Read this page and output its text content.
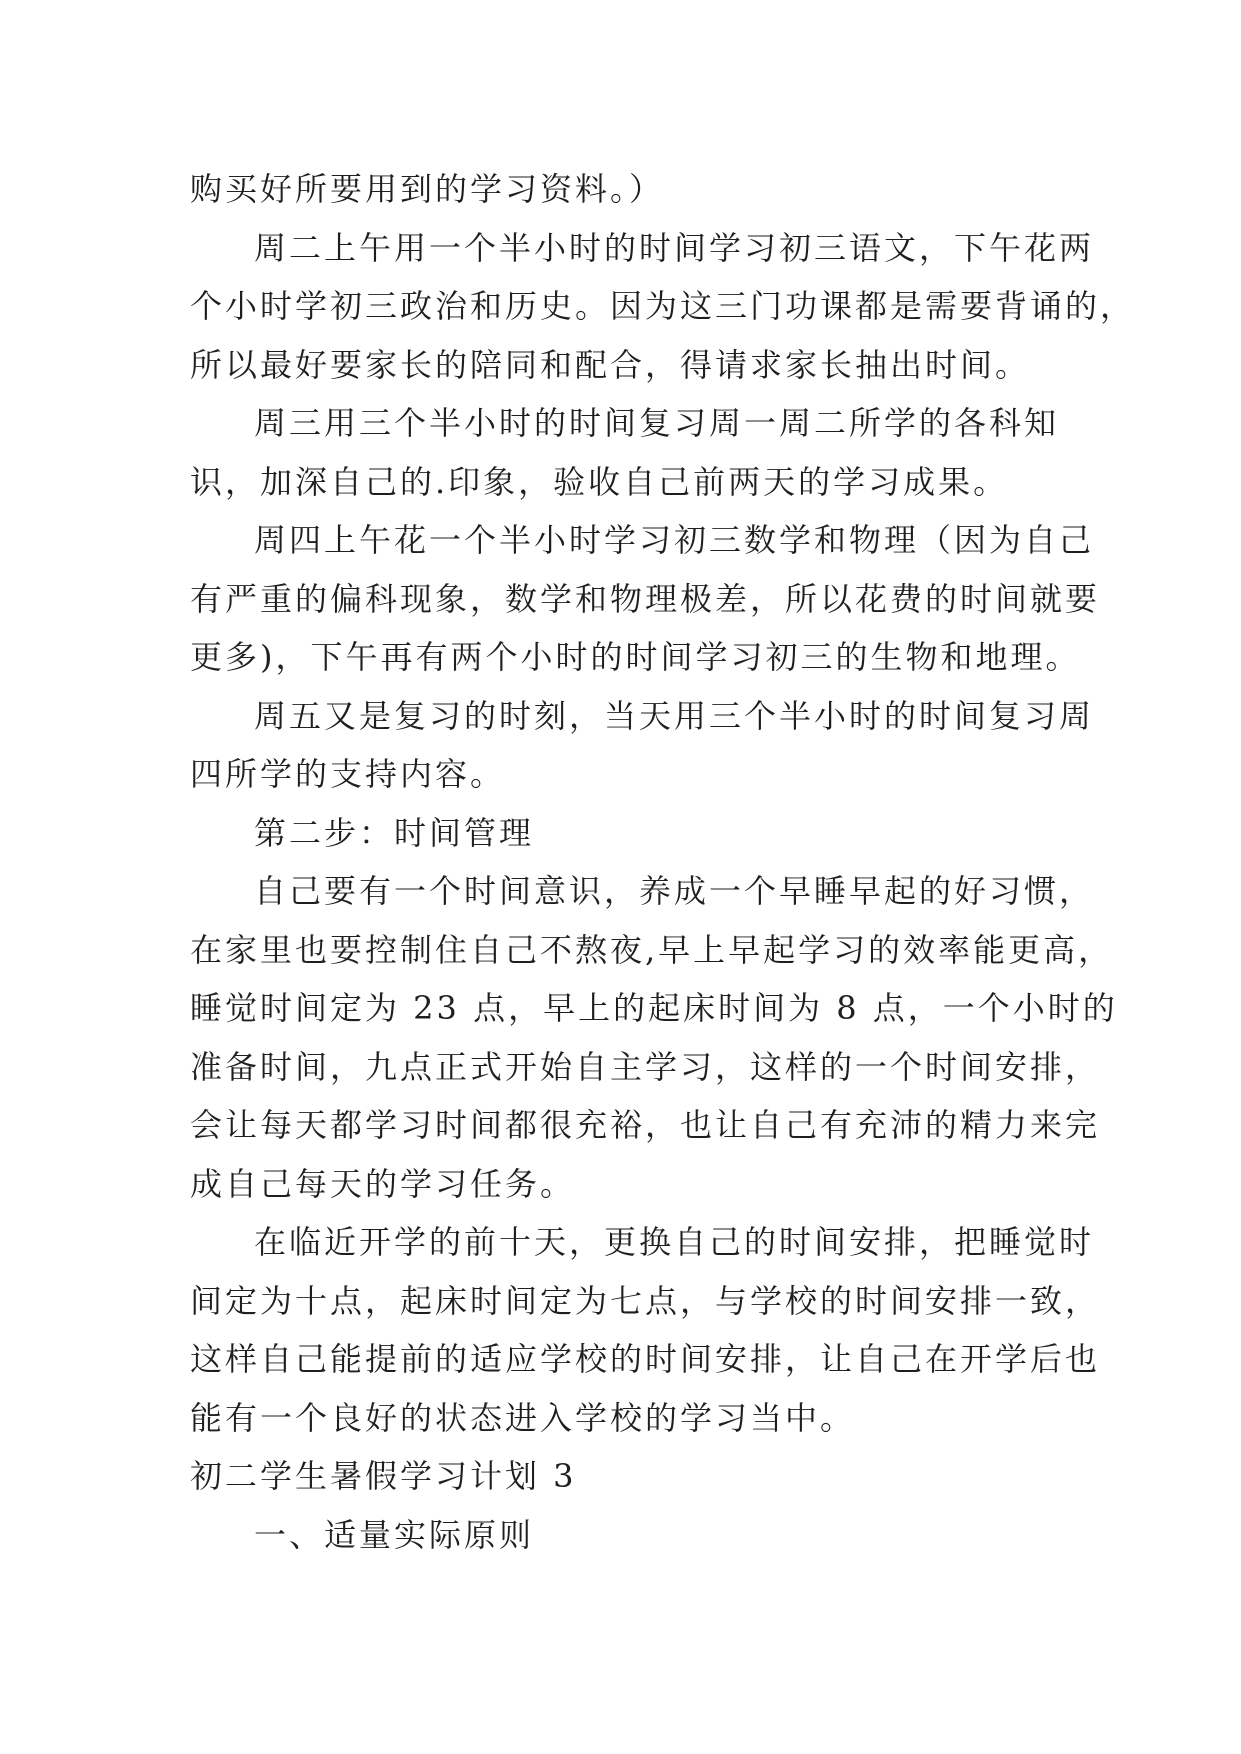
购买好所要用到的学习资料。）
周二上午用一个半小时的时间学习初三语文，下午花两
个小时学初三政治和历史。因为这三门功课都是需要背诵的，
所以最好要家长的陪同和配合，得请求家长抽出时间。
周三用三个半小时的时间复习周一周二所学的各科知
识，加深自己的.印象，验收自己前两天的学习成果。
周四上午花一个半小时学习初三数学和物理（因为自己
有严重的偏科现象，数学和物理极差，所以花费的时间就要
更多)，下午再有两个小时的时间学习初三的生物和地理。
周五又是复习的时刻，当天用三个半小时的时间复习周
四所学的支持内容。
第二步：时间管理
自己要有一个时间意识，养成一个早睡早起的好习惯，
在家里也要控制住自己不熬夜,早上早起学习的效率能更高，
睡觉时间定为 23 点，早上的起床时间为 8 点，一个小时的
准备时间，九点正式开始自主学习，这样的一个时间安排，
会让每天都学习时间都很充裕，也让自己有充沛的精力来完
成自己每天的学习任务。
在临近开学的前十天，更换自己的时间安排，把睡觉时
间定为十点，起床时间定为七点，与学校的时间安排一致，
这样自己能提前的适应学校的时间安排，让自己在开学后也
能有一个良好的状态进入学校的学习当中。
初二学生暑假学习计划 3
一、适量实际原则
